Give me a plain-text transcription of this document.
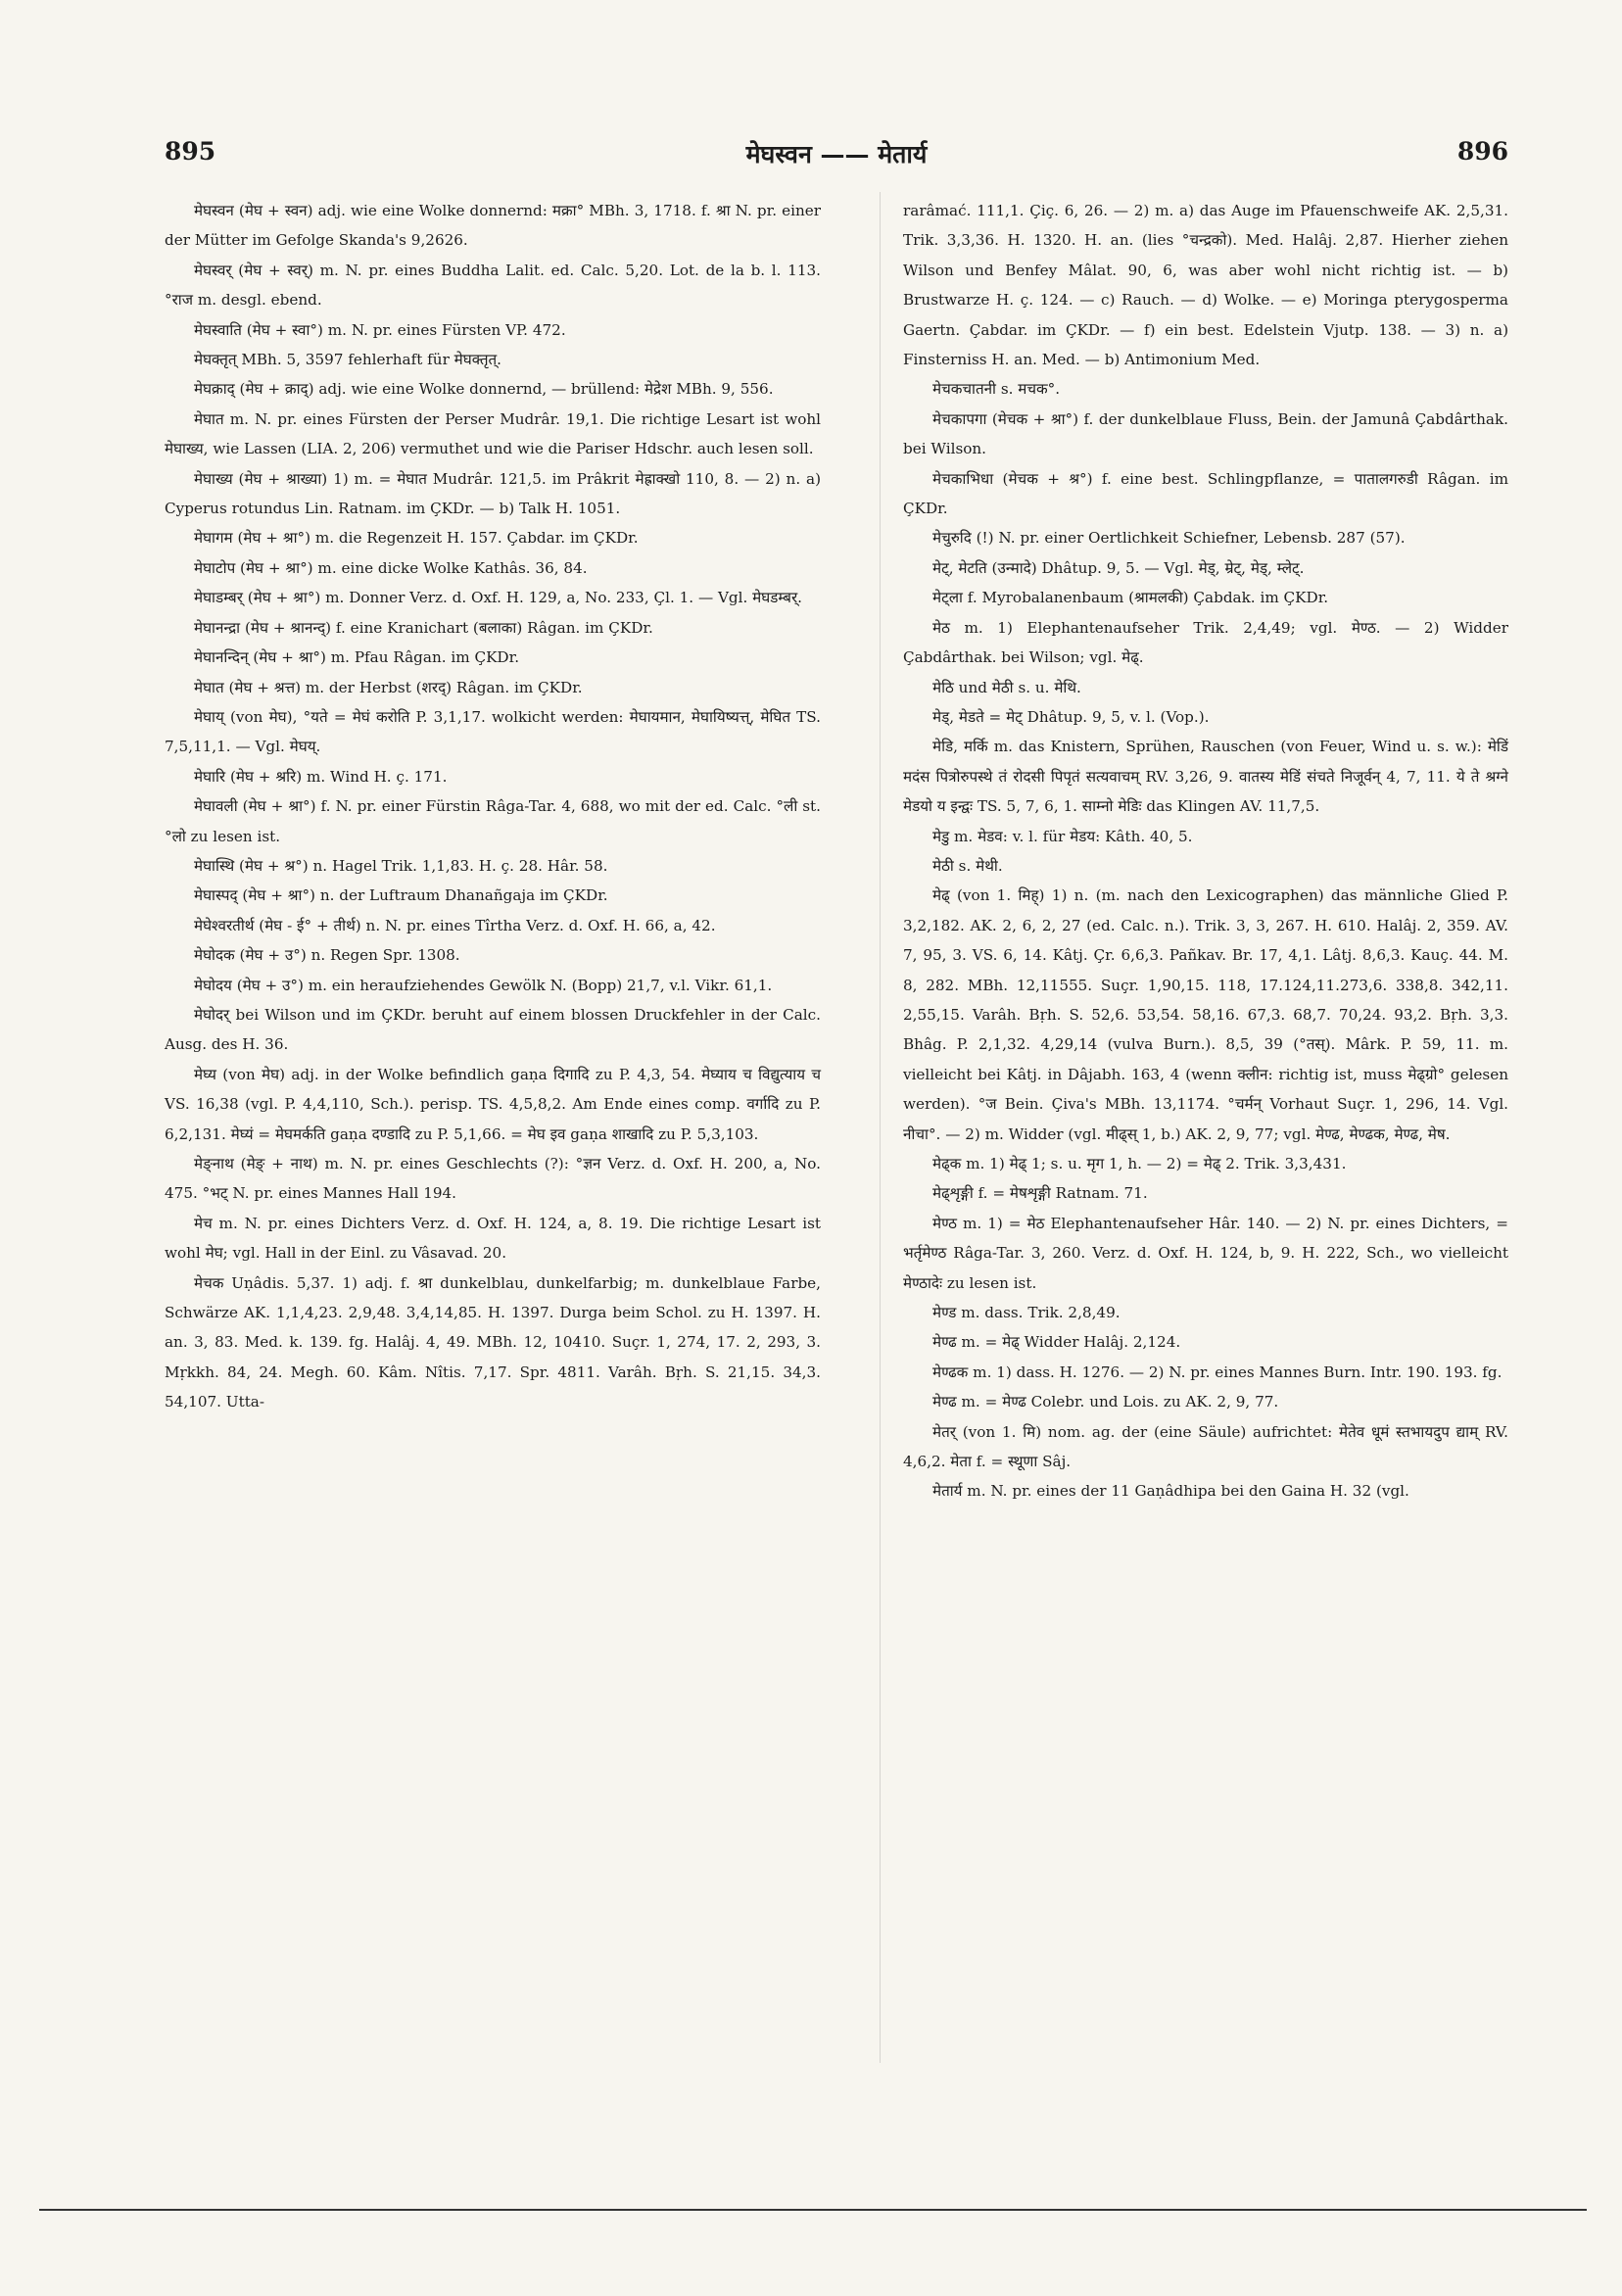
895	मेघस्वन —— मेतार्य	896

मेघस्वन (मेघ + स्वन) adj. wie eine Wolke donnernd: मक्रा° MBh. 3, 1718. f. श्रा N. pr. einer der Mütter im Gefolge Skanda's 9,2626.

मेघस्वर् (मेघ + स्वर्) m. N. pr. eines Buddha Lalit. ed. Calc. 5,20. Lot. de la b. l. 113. °राज m. desgl. ebend.

मेघस्वाति (मेघ + स्वा°) m. N. pr. eines Fürsten VP. 472.

मेघक्तृत् MBh. 5, 3597 fehlerhaft für मेघक्तृत्.

मेघक्राद् (मेघ + क्राद्) adj. wie eine Wolke donnernd, — brüllend: मेद्रेश MBh. 9, 556.

मेघात m. N. pr. eines Fürsten der Perser Mudrâr. 19,1. Die richtige Lesart ist wohl मेघाख्य, wie Lassen (LIA. 2, 206) vermuthet und wie die Pariser Hdschr. auch lesen soll.

मेघाख्य (मेघ + श्राख्या) 1) m. = मेघात Mudrâr. 121,5. im Prâkrit मेह्राक्खो 110, 8. — 2) n. a) Cyperus rotundus Lin. Ratnam. im ÇKDr. — b) Talk H. 1051.

मेघागम (मेघ + श्रा°) m. die Regenzeit H. 157. Çabdar. im ÇKDr.

मेघाटोप (मेघ + श्रा°) m. eine dicke Wolke Kathâs. 36, 84.

मेघाडम्बर् (मेघ + श्रा°) m. Donner Verz. d. Oxf. H. 129, a, No. 233, Çl. 1. — Vgl. मेघडम्बर्.

मेघानन्द्रा (मेघ + श्रानन्द्) f. eine Kranichart (बलाका) Râgan. im ÇKDr.

मेघानन्दिन् (मेघ + श्रा°) m. Pfau Râgan. im ÇKDr.

मेघात (मेघ + श्रत्त) m. der Herbst (शरद्) Râgan. im ÇKDr.

मेघाय् (von मेघ), °यते = मेघं करोति P. 3,1,17. wolkicht werden: मेघायमान, मेघायिष्यत्त्, मेघित TS. 7,5,11,1. — Vgl. मेघय्.

मेघारि (मेघ + श्ररि) m. Wind H. ç. 171.

मेघावली (मेघ + श्रा°) f. N. pr. einer Fürstin Râga-Tar. 4, 688, wo mit der ed. Calc. °ली st. °लो zu lesen ist.

मेघास्थि (मेघ + श्र°) n. Hagel Trik. 1,1,83. H. ç. 28. Hâr. 58.

मेघास्पद् (मेघ + श्रा°) n. der Luftraum Dhanañgaja im ÇKDr.

मेघेश्वरतीर्थ (मेघ - ई° + तीर्थ) n. N. pr. eines Tîrtha Verz. d. Oxf. H. 66, a, 42.

मेघोदक (मेघ + उ°) n. Regen Spr. 1308.

मेघोदय (मेघ + उ°) m. ein heraufziehendes Gewölk N. (Bopp) 21,7, v.l. Vikr. 61,1.

मेघोदर् bei Wilson und im ÇKDr. beruht auf einem blossen Druckfehler in der Calc. Ausg. des H. 36.

मेघ्य (von मेघ) adj. in der Wolke befindlich gaṇa दिगादि zu P. 4,3, 54. मेघ्याय च विद्युत्याय च VS. 16,38 (vgl. P. 4,4,110, Sch.). perisp. TS. 4,5,8,2. Am Ende eines comp. वर्गादि zu P. 6,2,131. मेघ्यं = मेघमर्कति gaṇa दण्डादि zu P. 5,1,66. = मेघ इव gaṇa शाखादि zu P. 5,3,103.

मेङ्नाथ (मेङ् + नाथ) m. N. pr. eines Geschlechts (?): °ज्ञन Verz. d. Oxf. H. 200, a, No. 475. °भट् N. pr. eines Mannes Hall 194.

मेच m. N. pr. eines Dichters Verz. d. Oxf. H. 124, a, 8. 19. Die richtige Lesart ist wohl मेघ; vgl. Hall in der Einl. zu Vâsavad. 20.

मेचक Uṇâdis. 5,37. 1) adj. f. श्रा dunkelblau, dunkelfarbig; m. dunkelblaue Farbe, Schwärze AK. 1,1,4,23. 2,9,48. 3,4,14,85. H. 1397. Durga beim Schol. zu H. 1397. H. an. 3, 83. Med. k. 139. fg. Halâj. 4, 49. MBh. 12, 10410. Suçr. 1, 274, 17. 2, 293, 3. Mṛkkh. 84, 24. Megh. 60. Kâm. Nîtis. 7,17. Spr. 4811. Varâh. Bṛh. S. 21,15. 34,3. 54,107. Utta-

rarâmać. 111,1. Çiç. 6, 26. — 2) m. a) das Auge im Pfauenschweife AK. 2,5,31. Trik. 3,3,36. H. 1320. H. an. (lies °चन्द्रको). Med. Halâj. 2,87. Hierher ziehen Wilson und Benfey Mâlat. 90, 6, was aber wohl nicht richtig ist. — b) Brustwarze H. ç. 124. — c) Rauch. — d) Wolke. — e) Moringa pterygosperma Gaertn. Çabdar. im ÇKDr. — f) ein best. Edelstein Vjutp. 138. — 3) n. a) Finsterniss H. an. Med. — b) Antimonium Med.

मेचकचातनी s. मचक°.

मेचकापगा (मेचक + श्रा°) f. der dunkelblaue Fluss, Bein. der Jamunâ Çabdârthak. bei Wilson.

मेचकाभिधा (मेचक + श्र°) f. eine best. Schlingpflanze, = पातालगरुडी Râgan. im ÇKDr.

मेचुरुदि (!) N. pr. einer Oertlichkeit Schiefner, Lebensb. 287 (57).

मेट्, मेटति (उन्मादे) Dhâtup. 9, 5. — Vgl. मेड्, म्रेट्, मेड्, म्लेट्.

मेट्ला f. Myrobalanenbaum (श्रामलकी) Çabdak. im ÇKDr.

मेठ m. 1) Elephantenaufseher Trik. 2,4,49; vgl. मेण्ठ. — 2) Widder Çabdârthak. bei Wilson; vgl. मेढ्.

मेठि und मेठी s. u. मेथि.

मेड्, मेडते = मेट् Dhâtup. 9, 5, v. l. (Vop.).

मेडि, मर्कि m. das Knistern, Sprühen, Rauschen (von Feuer, Wind u. s. w.): मेडिं मदंस पित्रोरुपस्थे तं रोदसी पिपृतं सत्यवाचम् RV. 3,26, 9. वातस्य मेडिं संचते निजूर्वन् 4, 7, 11. ये ते श्रग्ने मेडयो य इन्द्वः TS. 5, 7, 6, 1. साम्नो मेडिः das Klingen AV. 11,7,5.

मेडु m. मेडव: v. l. für मेडय: Kâth. 40, 5.

मेठी s. मेथी.

मेढ् (von 1. मिह्) 1) n. (m. nach den Lexicographen) das männliche Glied P. 3,2,182. AK. 2, 6, 2, 27 (ed. Calc. n.). Trik. 3, 3, 267. H. 610. Halâj. 2, 359. AV. 7, 95, 3. VS. 6, 14. Kâtj. Çr. 6,6,3. Pañkav. Br. 17, 4,1. Lâtj. 8,6,3. Kauç. 44. M. 8, 282. MBh. 12,11555. Suçr. 1,90,15. 118, 17.124,11.273,6. 338,8. 342,11. 2,55,15. Varâh. Bṛh. S. 52,6. 53,54. 58,16. 67,3. 68,7. 70,24. 93,2. Bṛh. 3,3. Bhâg. P. 2,1,32. 4,29,14 (vulva Burn.). 8,5, 39 (°तस्). Mârk. P. 59, 11. m. vielleicht bei Kâtj. in Dâjabh. 163, 4 (wenn क्लीन: richtig ist, muss मेढ्ग्रो° gelesen werden). °ज Bein. Çiva's MBh. 13,1174. °चर्मन् Vorhaut Suçr. 1, 296, 14. Vgl. नीचा°. — 2) m. Widder (vgl. मीढ्स् 1, b.) AK. 2, 9, 77; vgl. मेण्ढ, मेण्ढक, मेण्ढ, मेष.

मेढ्क m. 1) मेढ् 1; s. u. मृग 1, h. — 2) = मेढ् 2. Trik. 3,3,431.

मेढ्शृङ्गी f. = मेषशृङ्गी Ratnam. 71.

मेण्ठ m. 1) = मेठ Elephantenaufseher Hâr. 140. — 2) N. pr. eines Dichters, = भर्तृमेण्ठ Râga-Tar. 3, 260. Verz. d. Oxf. H. 124, b, 9. H. 222, Sch., wo vielleicht मेण्ठादेः zu lesen ist.

मेण्ड m. dass. Trik. 2,8,49.

मेण्ढ m. = मेढ् Widder Halâj. 2,124.

मेण्ढक m. 1) dass. H. 1276. — 2) N. pr. eines Mannes Burn. Intr. 190. 193. fg.

मेण्ढ m. = मेण्ढ Colebr. und Lois. zu AK. 2, 9, 77.

मेतर् (von 1. मि) nom. ag. der (eine Säule) aufrichtet: मेतेव धूमं स्तभायदुप द्याम् RV. 4,6,2. मेता f. = स्थूणा Sâj.

मेतार्य m. N. pr. eines der 11 Gaṇâdhipa bei den Gaina H. 32 (vgl.
